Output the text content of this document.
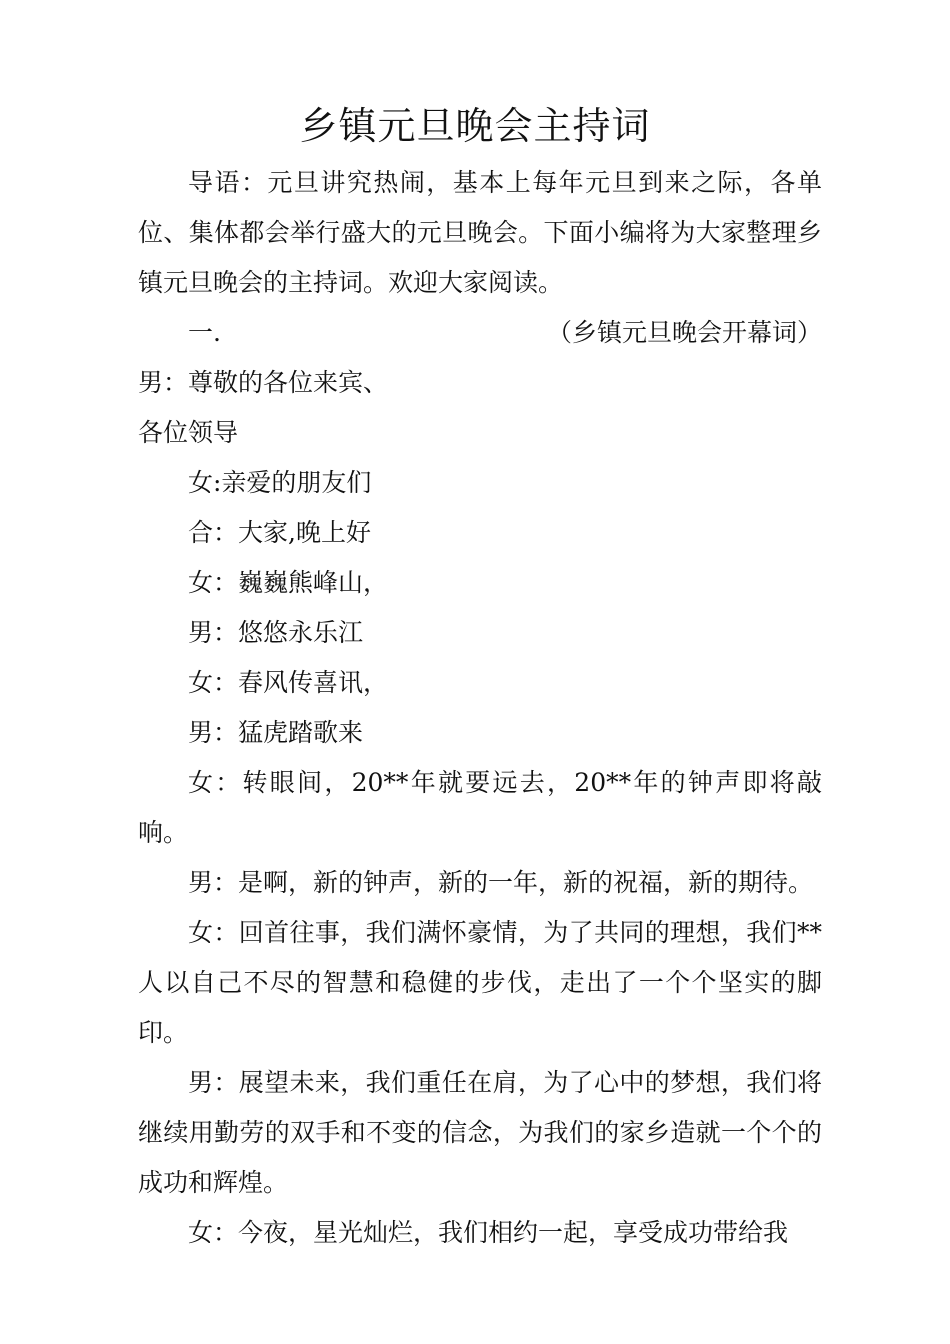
乡镇元旦晚会主持词

导语：元旦讲究热闹，基本上每年元旦到来之际，各单位、集体都会举行盛大的元旦晚会。下面小编将为大家整理乡镇元旦晚会的主持词。欢迎大家阅读。

一.	（乡镇元旦晚会开幕词）

男：尊敬的各位来宾、

各位领导

女:亲爱的朋友们

合：大家,晚上好

女：巍巍熊峰山，

男：悠悠永乐江

女：春风传喜讯，

男：猛虎踏歌来

女：转眼间，20**年就要远去，20**年的钟声即将敲响。

男：是啊，新的钟声，新的一年，新的祝福，新的期待。

女：回首往事，我们满怀豪情，为了共同的理想，我们**人以自己不尽的智慧和稳健的步伐，走出了一个个坚实的脚印。

男：展望未来，我们重任在肩，为了心中的梦想，我们将继续用勤劳的双手和不变的信念，为我们的家乡造就一个个的成功和辉煌。

女：今夜，星光灿烂，我们相约一起，享受成功带给我
